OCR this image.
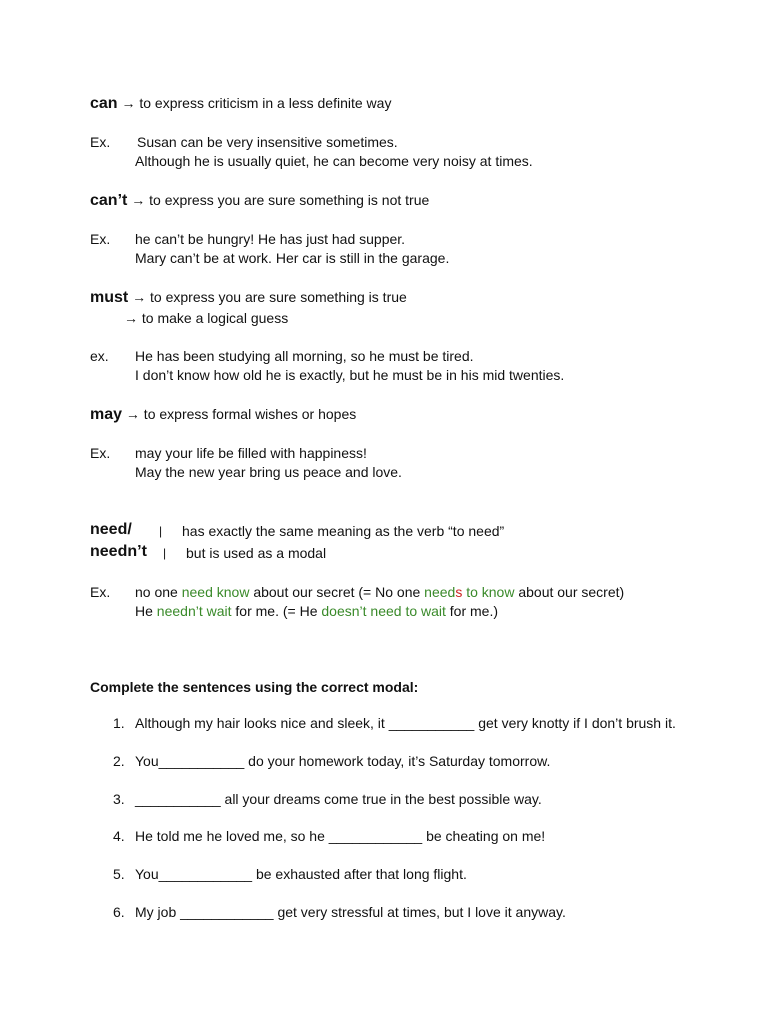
can → to express criticism in a less definite way
Ex. Susan can be very insensitive sometimes.
Although he is usually quiet, he can become very noisy at times.
can’t → to express you are sure something is not true
Ex. he can’t be hungry! He has just had supper.
Mary can’t be at work. Her car is still in the garage.
must → to express you are sure something is true
→ to make a logical guess
ex. He has been studying all morning, so he must be tired.
I don’t know how old he is exactly, but he must be in his mid twenties.
may → to express formal wishes or hopes
Ex. may your life be filled with happiness!
May the new year bring us peace and love.
need/ | has exactly the same meaning as the verb “to need”
needn’t | but is used as a modal
Ex. no one need know about our secret (= No one needs to know about our secret)
He needn’t wait for me. (= He doesn’t need to wait for me.)
Complete the sentences using the correct modal:
1. Although my hair looks nice and sleek, it ___________ get very knotty if I don’t brush it.
2. You___________ do your homework today, it’s Saturday tomorrow.
3. ___________ all your dreams come true in the best possible way.
4. He told me he loved me, so he ____________ be cheating on me!
5. You____________ be exhausted after that long flight.
6. My job ____________ get very stressful at times, but I love it anyway.
